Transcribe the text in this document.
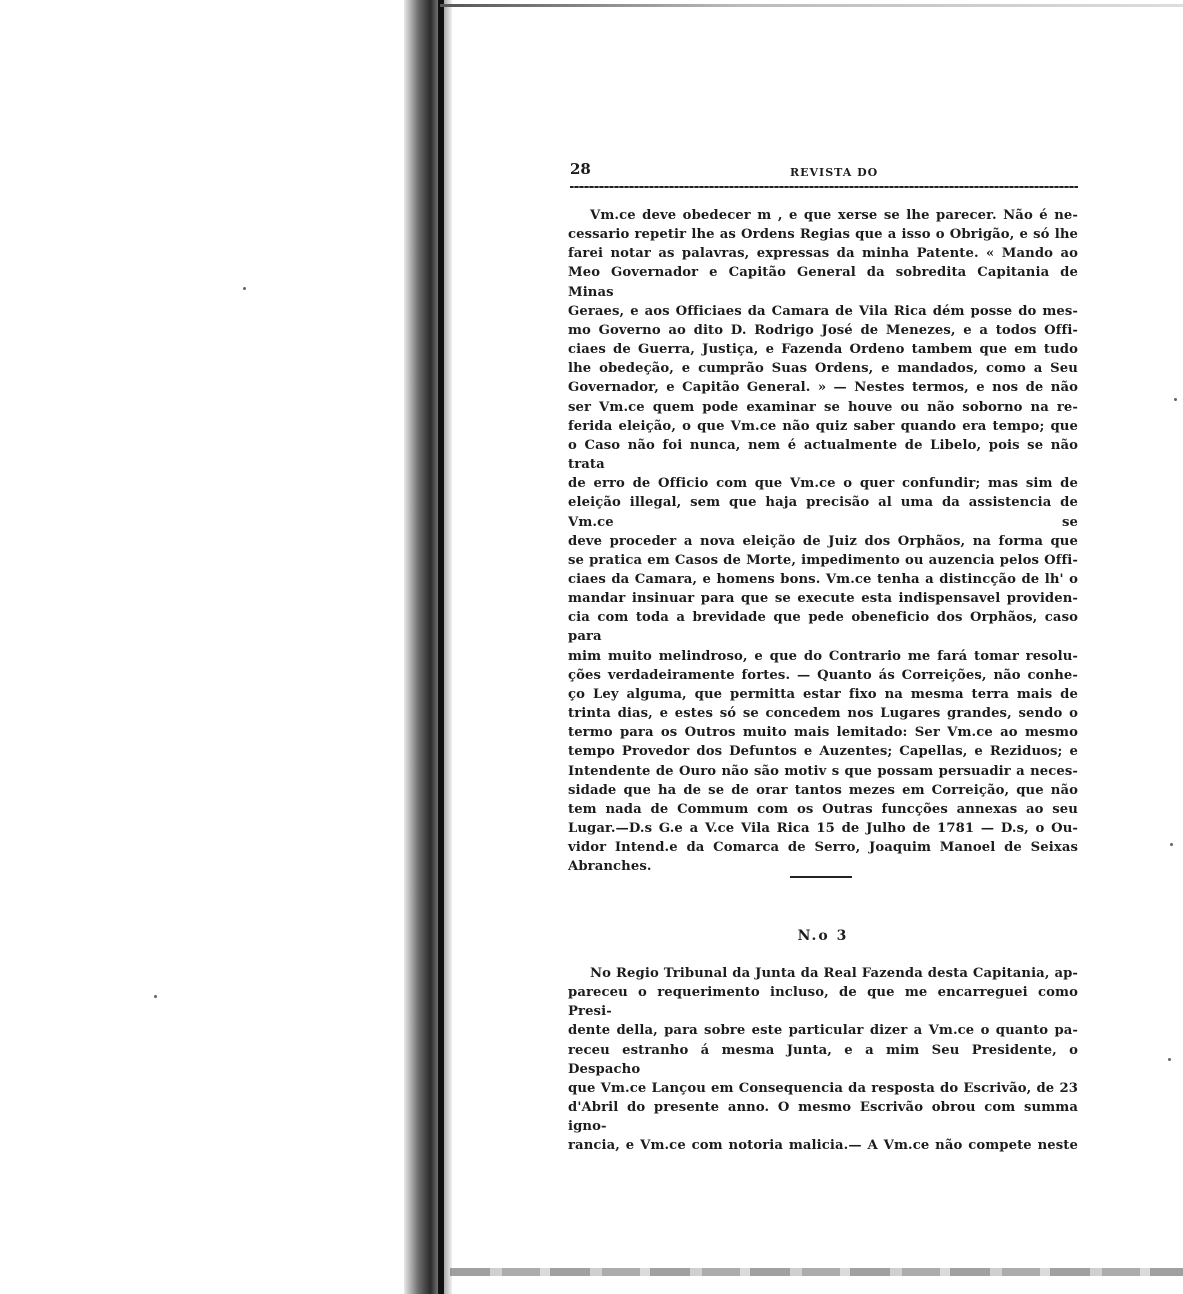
28	REVISTA DO
Vm.ce deve obedecer m , e que xerse se lhe parecer. Não é ne-
cessario repetir lhe as Ordens Regias que a isso o Obrigão, e só lhe
farei notar as palavras, expressas da minha Patente. « Mando ao
Meo Governador e Capitão General da sobredita Capitania de Minas
Geraes, e aos Officiaes da Camara de Vila Rica dém posse do mes-
mo Governo ao dito D. Rodrigo José de Menezes, e a todos Offi-
ciaes de Guerra, Justiça, e Fazenda Ordeno tambem que em tudo
lhe obedeção, e cumprão Suas Ordens, e mandados, como a Seu
Governador, e Capitão General. » — Nestes termos, e nos de não
ser Vm.ce quem pode examinar se houve ou não soborno na re-
ferida eleição, o que Vm.ce não quiz saber quando era tempo; que
o Caso não foi nunca, nem é actualmente de Libelo, pois se não trata
de erro de Officio com que Vm.ce o quer confundir; mas sim de
eleição illegal, sem que haja precisão al uma da assistencia de Vm.ce se
deve proceder a nova eleição de Juiz dos Orphãos, na forma que
se pratica em Casos de Morte, impedimento ou auzencia pelos Offi-
ciaes da Camara, e homens bons. Vm.ce tenha a distincção de lh' o
mandar insinuar para que se execute esta indispensavel providen-
cia com toda a brevidade que pede obeneficio dos Orphãos, caso para
mim muito melindroso, e que do Contrario me fará tomar resolu-
ções verdadeiramente fortes. — Quanto ás Correições, não conhe-
ço Ley alguma, que permitta estar fixo na mesma terra mais de
trinta dias, e estes só se concedem nos Lugares grandes, sendo o
termo para os Outros muito mais lemitado: Ser Vm.ce ao mesmo
tempo Provedor dos Defuntos e Auzentes; Capellas, e Reziduos; e
Intendente de Ouro não são motiv s que possam persuadir a neces-
sidade que ha de se de orar tantos mezes em Correição, que não
tem nada de Commum com os Outras funcções annexas ao seu
Lugar.—D.s G.e a V.ce Vila Rica 15 de Julho de 1781 — D.s, o Ou-
vidor Intend.e da Comarca de Serro, Joaquim Manoel de Seixas
Abranches.
N.o 3
No Regio Tribunal da Junta da Real Fazenda desta Capitania, ap-
pareceu o requerimento incluso, de que me encarreguei como Presi-
dente della, para sobre este particular dizer a Vm.ce o quanto pa-
receu estranho á mesma Junta, e a mim Seu Presidente, o Despacho
que Vm.ce Lançou em Consequencia da resposta do Escrivão, de 23
d'Abril do presente anno. O mesmo Escrivão obrou com summa igno-
rancia, e Vm.ce com notoria malicia.— A Vm.ce não compete neste
